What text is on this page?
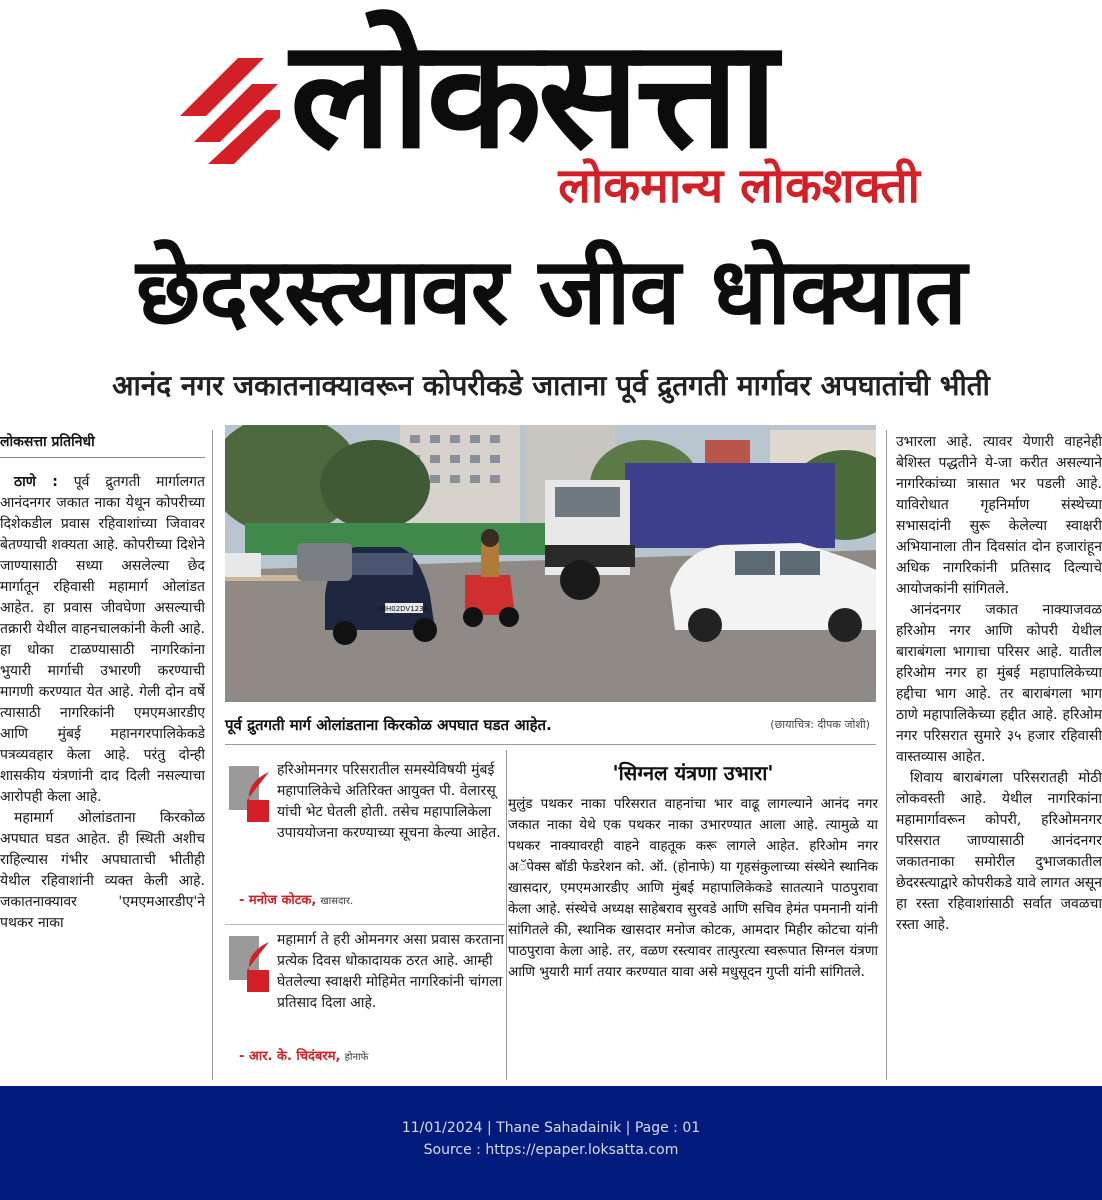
लोकसत्ता
लोकमान्य लोकशक्ती
छेदरस्त्यावर जीव धोक्यात
आनंद नगर जकातनाक्यावरून कोपरीकडे जाताना पूर्व द्रुतगती मार्गावर अपघातांची भीती
लोकसत्ता प्रतिनिधी

ठाणे : पूर्व द्रुतगती मार्गालगत आनंदनगर जकात नाका येथून कोपरीच्या दिशेकडील प्रवास रहिवाशांच्या जिवावर बेतण्याची शक्यता आहे. कोपरीच्या दिशेने जाण्यासाठी सध्या असलेल्या छेद मार्गातून रहिवासी महामार्ग ओलांडत आहेत. हा प्रवास जीवघेणा असल्याची तक्रारी येथील वाहनचालकांनी केली आहे. हा धोका टाळण्यासाठी नागरिकांना भुयारी मार्गाची उभारणी करण्याची मागणी करण्यात येत आहे. गेली दोन वर्षे त्यासाठी नागरिकांनी एमएमआरडीए आणि मुंबई महानगरपालिकेकडे पत्रव्यवहार केला आहे. परंतु दोन्ही शासकीय यंत्रणांनी दाद दिली नसल्याचा आरोपही केला आहे.

महामार्ग ओलांडताना किरकोळ अपघात घडत आहेत. ही स्थिती अशीच राहिल्यास गंभीर अपघाताची भीतीही येथील रहिवाशांनी व्यक्त केली आहे. जकातनाक्यावर 'एमएमआरडीए'ने पथकर नाका

MH02DV1234
पूर्व द्रुतगती मार्ग ओलांडताना किरकोळ अपघात घडत आहेत.	(छायाचित्र: दीपक जोशी)
हरिओमनगर परिसरातील समस्येविषयी मुंबई महापालिकेचे अतिरिक्त आयुक्त पी. वेलारसू यांची भेट घेतली होती. तसेच महापालिकेला उपाययोजना करण्याच्या सूचना केल्या आहेत.
- मनोज कोटक, खासदार.
महामार्ग ते हरी ओमनगर असा प्रवास करताना प्रत्येक दिवस धोकादायक ठरत आहे. आम्ही घेतलेल्या स्वाक्षरी मोहिमेत नागरिकांनी चांगला प्रतिसाद दिला आहे.
- आर. के. चिदंबरम, होनाफे
'सिग्नल यंत्रणा उभारा'
मुलुंड पथकर नाका परिसरात वाहनांचा भार वाढू लागल्याने आनंद नगर जकात नाका येथे एक पथकर नाका उभारण्यात आला आहे. त्यामुळे या पथकर नाक्यावरही वाहने वाहतूक करू लागले आहेत. हरिओम नगर अॅपेक्स बॉडी फेडरेशन को. ऑ. (होनाफे) या गृहसंकुलाच्या संस्थेने स्थानिक खासदार, एमएमआरडीए आणि मुंबई महापालिकेकडे सातत्याने पाठपुरावा केला आहे. संस्थेचे अध्यक्ष साहेबराव सुरवडे आणि सचिव हेमंत पमनानी यांनी सांगितले की, स्थानिक खासदार मनोज कोटक, आमदार मिहीर कोटचा यांनी पाठपुरावा केला आहे. तर, वळण रस्त्यावर तात्पुरत्या स्वरूपात सिग्नल यंत्रणा आणि भुयारी मार्ग तयार करण्यात यावा असे मधुसूदन गुप्ती यांनी सांगितले.

उभारला आहे. त्यावर येणारी वाहनेही बेशिस्त पद्धतीने ये-जा करीत असल्याने नागरिकांच्या त्रासात भर पडली आहे. याविरोधात गृहनिर्माण संस्थेच्या सभासदांनी सुरू केलेल्या स्वाक्षरी अभियानाला तीन दिवसांत दोन हजारांहून अधिक नागरिकांनी प्रतिसाद दिल्याचे आयोजकांनी सांगितले.

आनंदनगर जकात नाक्याजवळ हरिओम नगर आणि कोपरी येथील बाराबंगला भागाचा परिसर आहे. यातील हरिओम नगर हा मुंबई महापालिकेच्या हद्दीचा भाग आहे. तर बाराबंगला भाग ठाणे महापालिकेच्या हद्दीत आहे. हरिओम नगर परिसरात सुमारे ३५ हजार रहिवासी वास्तव्यास आहेत.

शिवाय बाराबंगला परिसरातही मोठी लोकवस्ती आहे. येथील नागरिकांना महामार्गावरून कोपरी, हरिओमनगर परिसरात जाण्यासाठी आनंदनगर जकातनाका समोरील दुभाजकातील छेदरस्त्याद्वारे कोपरीकडे यावे लागत असून हा रस्ता रहिवाशांसाठी सर्वात जवळचा रस्ता आहे.

11/01/2024 | Thane Sahadainik | Page : 01
Source : https://epaper.loksatta.com
